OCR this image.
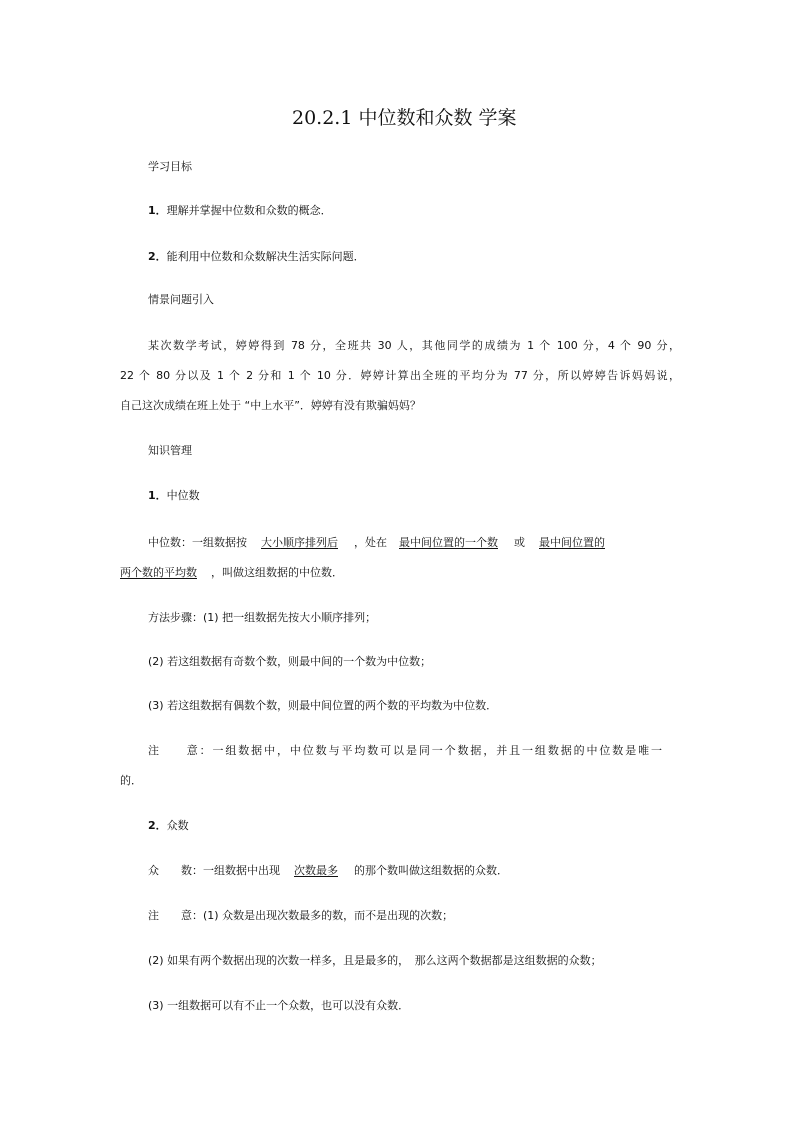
20.2.1 中位数和众数 学案
学习目标
1．理解并掌握中位数和众数的概念．
2．能利用中位数和众数解决生活实际问题．
情景问题引入
某次数学考试，婷婷得到 78 分，全班共 30 人，其他同学的成绩为 1 个 100 分，4 个 90 分，
22 个 80 分以及 1 个 2 分和 1 个 10 分．婷婷计算出全班的平均分为 77 分，所以婷婷告诉妈妈说，
自己这次成绩在班上处于 “中上水平”．婷婷有没有欺骗妈妈？
知识管理
1．中位数
中位数：一组数据按 大小顺序排列后 ，处在 最中间位置的一个数 或 最中间位置的
两个数的平均数 ，叫做这组数据的中位数．
方法步骤：(1) 把一组数据先按大小顺序排列；
(2) 若这组数据有奇数个数，则最中间的一个数为中位数；
(3) 若这组数据有偶数个数，则最中间位置的两个数的平均数为中位数．
注　　意：一组数据中，中位数与平均数可以是同一个数据，并且一组数据的中位数是唯一
的．
2．众数
众　　数：一组数据中出现 次数最多 的那个数叫做这组数据的众数．
注　　意：(1) 众数是出现次数最多的数，而不是出现的次数；
(2) 如果有两个数据出现的次数一样多，且是最多的，　那么这两个数据都是这组数据的众数；
(3) 一组数据可以有不止一个众数，也可以没有众数．
